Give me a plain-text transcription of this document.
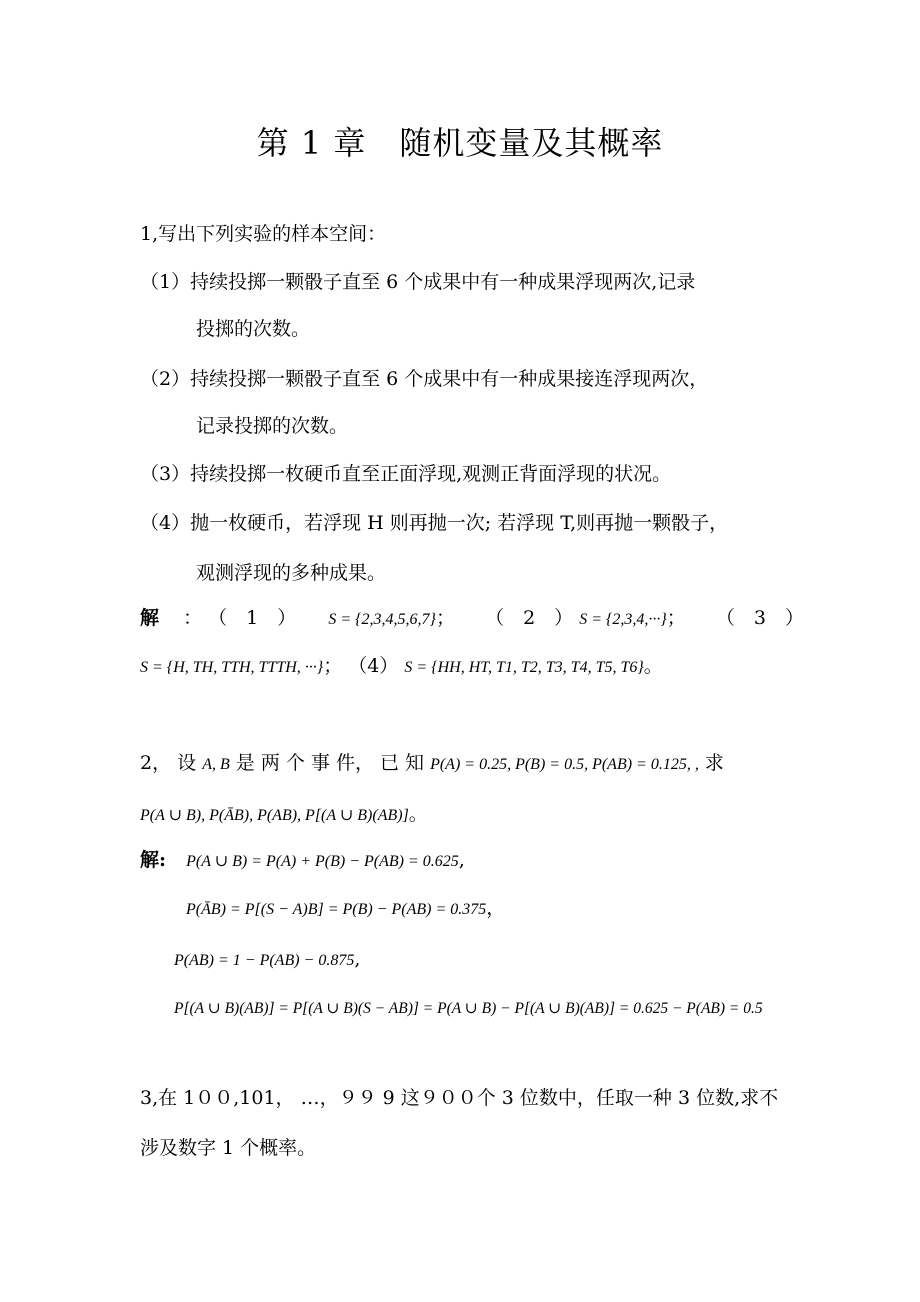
第 1 章　随机变量及其概率
1,写出下列实验的样本空间：
（1）持续投掷一颗骰子直至 6 个成果中有一种成果浮现两次,记录
投掷的次数。
（2）持续投掷一颗骰子直至 6 个成果中有一种成果接连浮现两次，
记录投掷的次数。
（3）持续投掷一枚硬币直至正面浮现,观测正背面浮现的状况。
（4）抛一枚硬币，若浮现 H 则再抛一次; 若浮现 T,则再抛一颗骰子，
观测浮现的多种成果。
解 ： （　1　） S = {2,3,4,5,6,7}； （　2　） S = {2,3,4,···}； （　3　）
S = {H, TH, TTH, TTTH, ···}； （4） S = {HH, HT, T1, T2, T3, T4, T5, T6}。
2， 设 A, B 是 两 个 事 件， 已 知 P(A) = 0.25, P(B) = 0.5, P(AB) = 0.125, , 求
P(A ∪ B), P(ĀB), P(AB), P[(A ∪ B)(AB)]。
解: P(A ∪ B) = P(A) + P(B) − P(AB) = 0.625,
P(ĀB) = P[(S − A)B] = P(B) − P(AB) = 0.375，
P(AB) = 1 − P(AB) − 0.875,
P[(A ∪ B)(AB)] = P[(A ∪ B)(S − AB)] = P(A ∪ B) − P[(A ∪ B)(AB)] = 0.625 − P(AB) = 0.5
3,在 1００,101， …，９９ 9 这９００个 3 位数中，任取一种 3 位数,求不
涉及数字 1 个概率。
